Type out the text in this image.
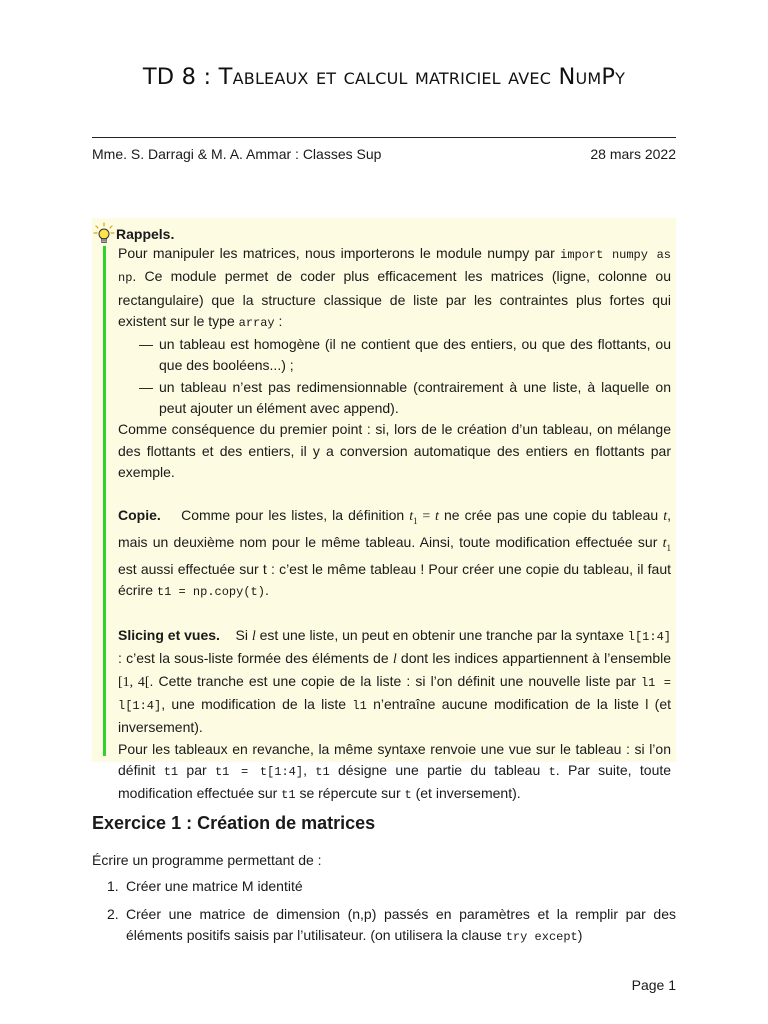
TD 8 : Tableaux et calcul matriciel avec NumPy
Mme. S. Darragi & M. A. Ammar : Classes Sup	28 mars 2022
Rappels.

Pour manipuler les matrices, nous importerons le module numpy par import numpy as np. Ce module permet de coder plus efficacement les matrices (ligne, colonne ou rectangulaire) que la structure classique de liste par les contraintes plus fortes qui existent sur le type array :

— un tableau est homogène (il ne contient que des entiers, ou que des flottants, ou que des booléens...) ;
— un tableau n’est pas redimensionnable (contrairement à une liste, à laquelle on peut ajouter un élément avec append).

Comme conséquence du premier point : si, lors de le création d’un tableau, on mélange des flottants et des entiers, il y a conversion automatique des entiers en flottants par exemple.

Copie. Comme pour les listes, la définition $t_1 = t$ ne crée pas une copie du tableau t, mais un deuxième nom pour le même tableau. Ainsi, toute modification effectuée sur $t_1$ est aussi effectuée sur t : c’est le même tableau ! Pour créer une copie du tableau, il faut écrire t1 = np.copy(t).

Slicing et vues. Si l est une liste, un peut en obtenir une tranche par la syntaxe l[1:4] : c’est la sous-liste formée des éléments de l dont les indices appartiennent à l’ensemble [1, 4[. Cette tranche est une copie de la liste : si l’on définit une nouvelle liste par l1 = l[1:4], une modification de la liste l1 n’entraîne aucune modification de la liste l (et inversement).

Pour les tableaux en revanche, la même syntaxe renvoie une vue sur le tableau : si l’on définit t1 par t1 = t[1:4], t1 désigne une partie du tableau t. Par suite, toute modification effectuée sur t1 se répercute sur t (et inversement).

Exercice 1 : Création de matrices
Écrire un programme permettant de :
1. Créer une matrice M identité
2. Créer une matrice de dimension (n,p) passés en paramètres et la remplir par des éléments positifs saisis par l’utilisateur. (on utilisera la clause try except)
Page 1
